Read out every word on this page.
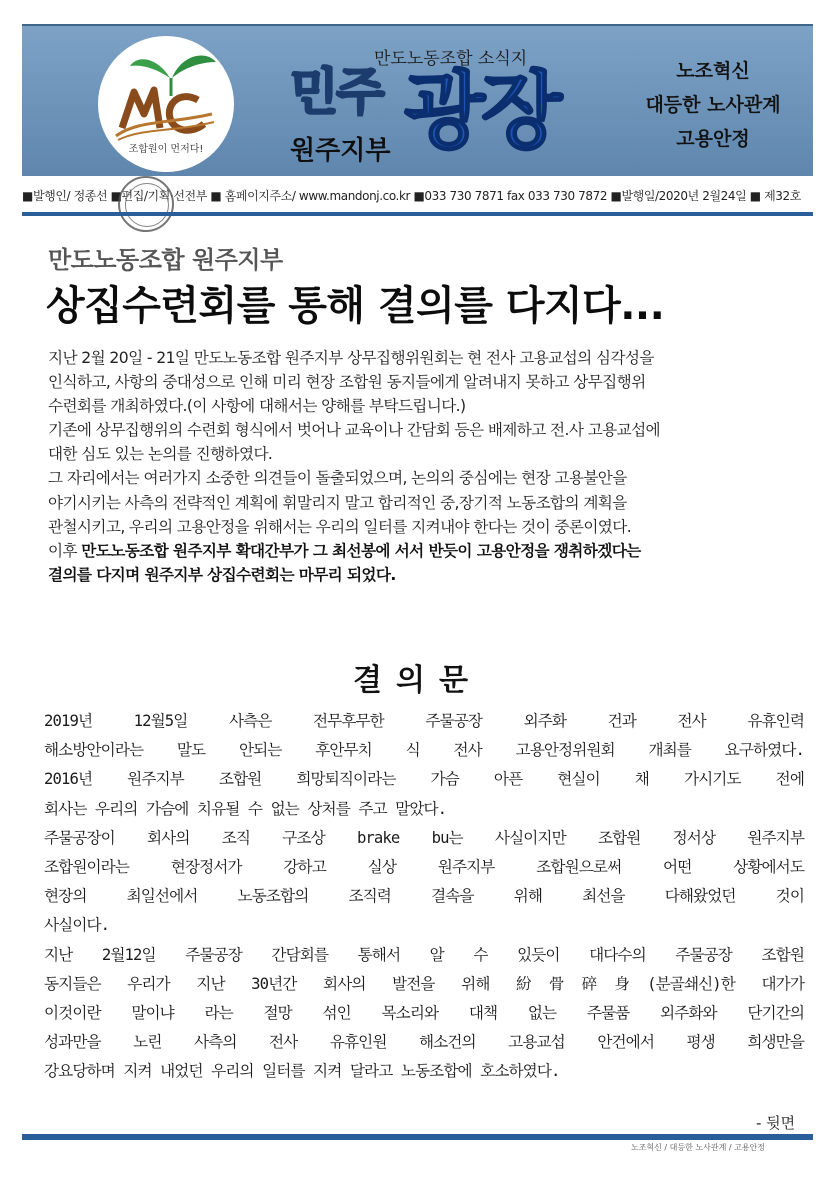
MC
조합원이 먼저다!
만도노동조합 소식지
민주 광장
원주지부
노조혁신
대등한 노사관계
고용안정
■발행인/ 정종선 ■편집/기획·선전부 ■ 홈페이지주소/ www.mandonj.co.kr ■033 730 7871 fax 033 730 7872 ■발행일/2020년 2월24일 ■ 제32호
만도노동조합 원주지부
상집수련회를 통해 결의를 다지다...

지난 2월 20일 - 21일 만도노동조합 원주지부 상무집행위원회는 현 전사 고용교섭의 심각성을

인식하고, 사항의 중대성으로 인해 미리 현장 조합원 동지들에게 알려내지 못하고 상무집행위

수련회를 개최하였다.(이 사항에 대해서는 양해를 부탁드립니다.)

기존에 상무집행위의 수련회 형식에서 벗어나 교육이나 간담회 등은 배제하고 전.사 고용교섭에

대한 심도 있는 논의를 진행하였다.

그 자리에서는 여러가지 소중한 의견들이 돌출되었으며, 논의의 중심에는 현장 고용불안을

야기시키는 사측의 전략적인 계획에 휘말리지 말고 합리적인 중,장기적 노동조합의 계획을

관철시키고, 우리의 고용안정을 위해서는 우리의 일터를 지켜내야 한다는 것이 중론이였다.

이후 만도노동조합 원주지부 확대간부가 그 최선봉에 서서 반듯이 고용안정을 쟁취하겠다는

결의를 다지며 원주지부 상집수련회는 마무리 되었다.

결의문

2019년 12월5일 사측은 전무후무한 주물공장 외주화 건과 전사 유휴인력

해소방안이라는 말도 안되는 후안무치 식 전사 고용안정위원회 개최를 요구하였다.

2016년 원주지부 조합원 희망퇴직이라는 가슴 아픈 현실이 채 가시기도 전에

회사는 우리의 가슴에 치유될 수 없는 상처를 주고 말았다.

주물공장이 회사의 조직 구조상 brake bu는 사실이지만 조합원 정서상 원주지부

조합원이라는 현장정서가 강하고 실상 원주지부 조합원으로써 어떤 상황에서도

현장의 최일선에서 노동조합의 조직력 결속을 위해 최선을 다해왔었던 것이

사실이다.

지난 2월12일 주물공장 간담회를 통해서 알 수 있듯이 대다수의 주물공장 조합원

동지들은 우리가 지난 30년간 회사의 발전을 위해 紛骨碎身(분골쇄신)한 대가가

이것이란 말이냐 라는 절망 섞인 목소리와 대책 없는 주물품 외주화와 단기간의

성과만을 노린 사측의 전사 유휴인원 해소건의 고용교섭 안건에서 평생 희생만을

강요당하며 지켜 내었던 우리의 일터를 지켜 달라고 노동조합에 호소하였다.

- 뒷면
노조혁신 / 대등한 노사관계 / 고용안정
